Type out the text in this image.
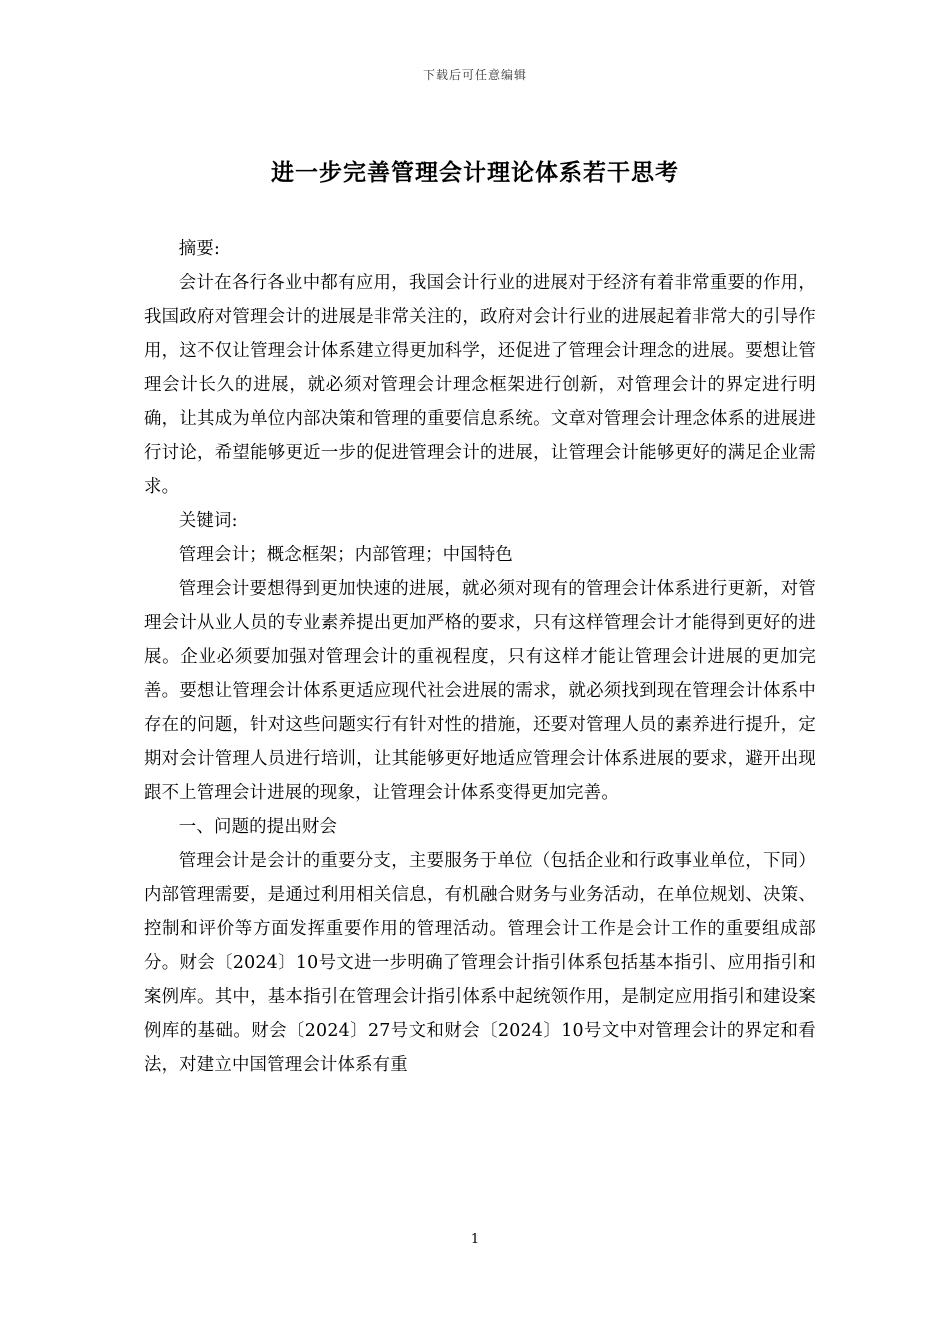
下载后可任意编辑
进一步完善管理会计理论体系若干思考

摘要:

会计在各行各业中都有应用，我国会计行业的进展对于经济有着非常重要的作用，我国政府对管理会计的进展是非常关注的，政府对会计行业的进展起着非常大的引导作用，这不仅让管理会计体系建立得更加科学，还促进了管理会计理念的进展。要想让管理会计长久的进展，就必须对管理会计理念框架进行创新，对管理会计的界定进行明确，让其成为单位内部决策和管理的重要信息系统。文章对管理会计理念体系的进展进行讨论，希望能够更近一步的促进管理会计的进展，让管理会计能够更好的满足企业需求。

关键词:

管理会计；概念框架；内部管理；中国特色

管理会计要想得到更加快速的进展，就必须对现有的管理会计体系进行更新，对管理会计从业人员的专业素养提出更加严格的要求，只有这样管理会计才能得到更好的进展。企业必须要加强对管理会计的重视程度，只有这样才能让管理会计进展的更加完善。要想让管理会计体系更适应现代社会进展的需求，就必须找到现在管理会计体系中存在的问题，针对这些问题实行有针对性的措施，还要对管理人员的素养进行提升，定期对会计管理人员进行培训，让其能够更好地适应管理会计体系进展的要求，避开出现跟不上管理会计进展的现象，让管理会计体系变得更加完善。

一、问题的提出财会

管理会计是会计的重要分支，主要服务于单位（包括企业和行政事业单位，下同）内部管理需要，是通过利用相关信息，有机融合财务与业务活动，在单位规划、决策、控制和评价等方面发挥重要作用的管理活动。管理会计工作是会计工作的重要组成部分。财会〔2024〕10号文进一步明确了管理会计指引体系包括基本指引、应用指引和案例库。其中，基本指引在管理会计指引体系中起统领作用，是制定应用指引和建设案例库的基础。财会〔2024〕27号文和财会〔2024〕10号文中对管理会计的界定和看法，对建立中国管理会计体系有重

1
